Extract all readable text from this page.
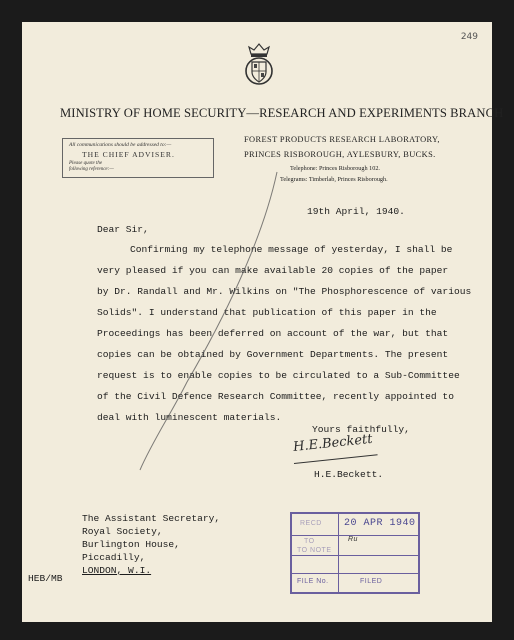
249
MINISTRY OF HOME SECURITY—RESEARCH AND EXPERIMENTS BRANCH
All communications should be addressed to:—
THE CHIEF ADVISER.
Please quote the following reference:—
FOREST PRODUCTS RESEARCH LABORATORY,
PRINCES RISBOROUGH, AYLESBURY, BUCKS.
Telephone: Princes Risborough 102.
Telegrams: Timberlab, Princes Risborough.
19th April, 1940.
Dear Sir,
Confirming my telephone message of yesterday, I shall be
very pleased if you can make available 20 copies of the paper
by Dr. Randall and Mr. Wilkins on "The Phosphorescence of various
Solids". I understand that publication of this paper in the
Proceedings has been deferred on account of the war, but that
copies can be obtained by Government Departments. The present
request is to enable copies to be circulated to a Sub-Committee
of the Civil Defence Research Committee, recently appointed to
deal with luminescent materials.
Yours faithfully,
H.E.Beckett
H.E.Beckett.
The Assistant Secretary,
Royal Society,
Burlington House,
Piccadilly,
LONDON, W.I.
HEB/MB
RECD 20 APR 1940
TO	Ru
TO NOTE
FILE No.	FILED
